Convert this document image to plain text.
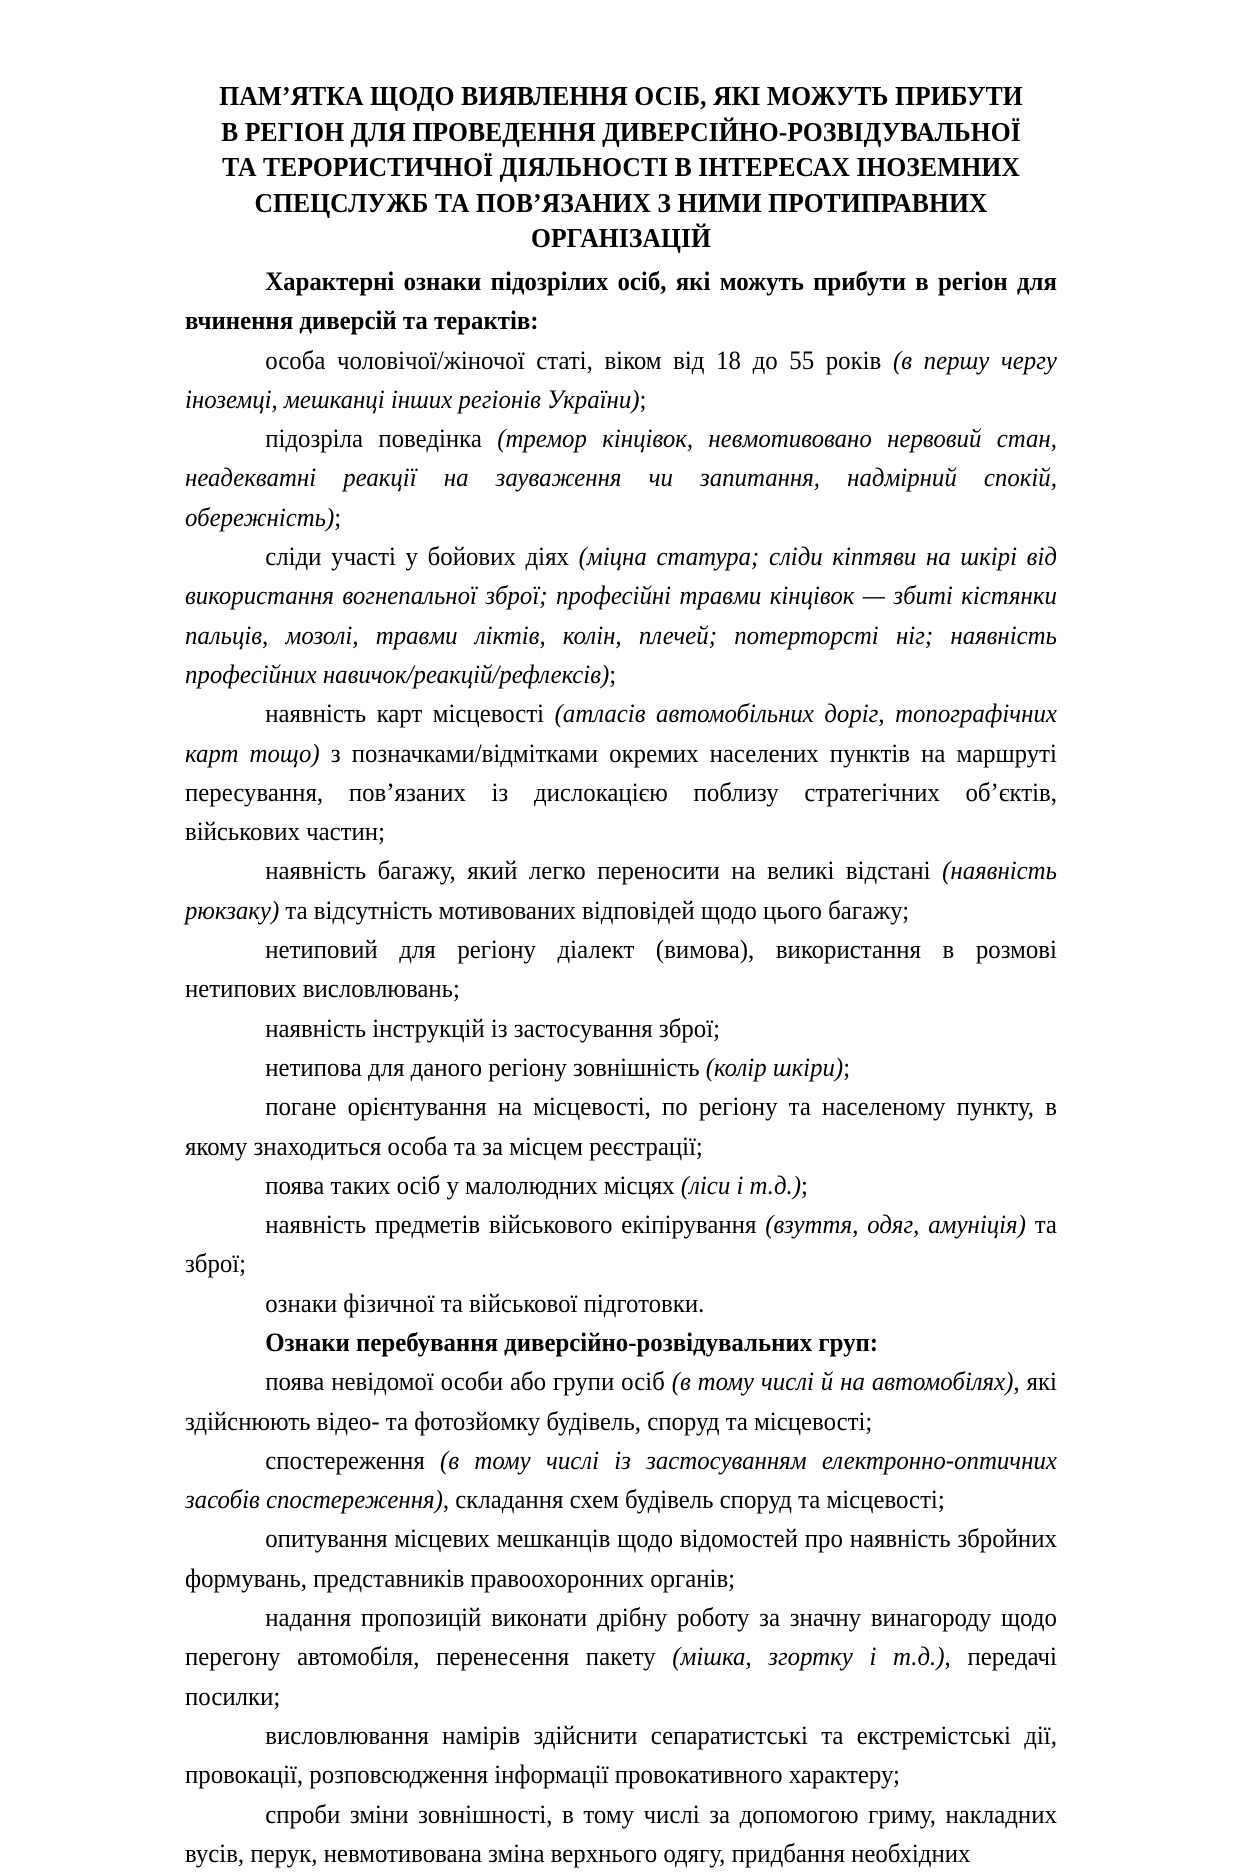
ПАМ’ЯТКА ЩОДО ВИЯВЛЕННЯ ОСІБ, ЯКІ МОЖУТЬ ПРИБУТИ В РЕГІОН ДЛЯ ПРОВЕДЕННЯ ДИВЕРСІЙНО-РОЗВІДУВАЛЬНОЇ ТА ТЕРОРИСТИЧНОЇ ДІЯЛЬНОСТІ В ІНТЕРЕСАХ ІНОЗЕМНИХ СПЕЦСЛУЖБ ТА ПОВ’ЯЗАНИХ З НИМИ ПРОТИПРАВНИХ ОРГАНІЗАЦІЙ

Характерні ознаки підозрілих осіб, які можуть прибути в регіон для вчинення диверсій та терактів:

особа чоловічої/жіночої статі, віком від 18 до 55 років (в першу чергу іноземці, мешканці інших регіонів України);

підозріла поведінка (тремор кінцівок, невмотивовано нервовий стан, неадекватні реакції на зауваження чи запитання, надмірний спокій, обережність);

сліди участі у бойових діях (міцна статура; сліди кіптяви на шкірі від використання вогнепальної зброї; професійні травми кінцівок — збиті кістянки пальців, мозолі, травми ліктів, колін, плечей; потерторсті ніг; наявність професійних навичок/реакцій/рефлексів);

наявність карт місцевості (атласів автомобільних доріг, топографічних карт тощо) з позначками/відмітками окремих населених пунктів на маршруті пересування, пов’язаних із дислокацією поблизу стратегічних об’єктів, військових частин;

наявність багажу, який легко переносити на великі відстані (наявність рюкзаку) та відсутність мотивованих відповідей щодо цього багажу;

нетиповий для регіону діалект (вимова), використання в розмові нетипових висловлювань;

наявність інструкцій із застосування зброї;

нетипова для даного регіону зовнішність (колір шкіри);

погане орієнтування на місцевості, по регіону та населеному пункту, в якому знаходиться особа та за місцем реєстрації;

поява таких осіб у малолюдних місцях (ліси і т.д.);

наявність предметів військового екіпірування (взуття, одяг, амуніція) та зброї;

ознаки фізичної та військової підготовки.

Ознаки перебування диверсійно-розвідувальних груп:

поява невідомої особи або групи осіб (в тому числі й на автомобілях), які здійснюють відео- та фотозйомку будівель, споруд та місцевості;

спостереження (в тому числі із застосуванням електронно-оптичних засобів спостереження), складання схем будівель споруд та місцевості;

опитування місцевих мешканців щодо відомостей про наявність збройних формувань, представників правоохоронних органів;

надання пропозицій виконати дрібну роботу за значну винагороду щодо перегону автомобіля, перенесення пакету (мішка, згортку і т.д.), передачі посилки;

висловлювання намірів здійснити сепаратистські та екстремістські дії, провокації, розповсюдження інформації провокативного характеру;

спроби зміни зовнішності, в тому числі за допомогою гриму, накладних вусів, перук, невмотивована зміна верхнього одягу, придбання необхідних
